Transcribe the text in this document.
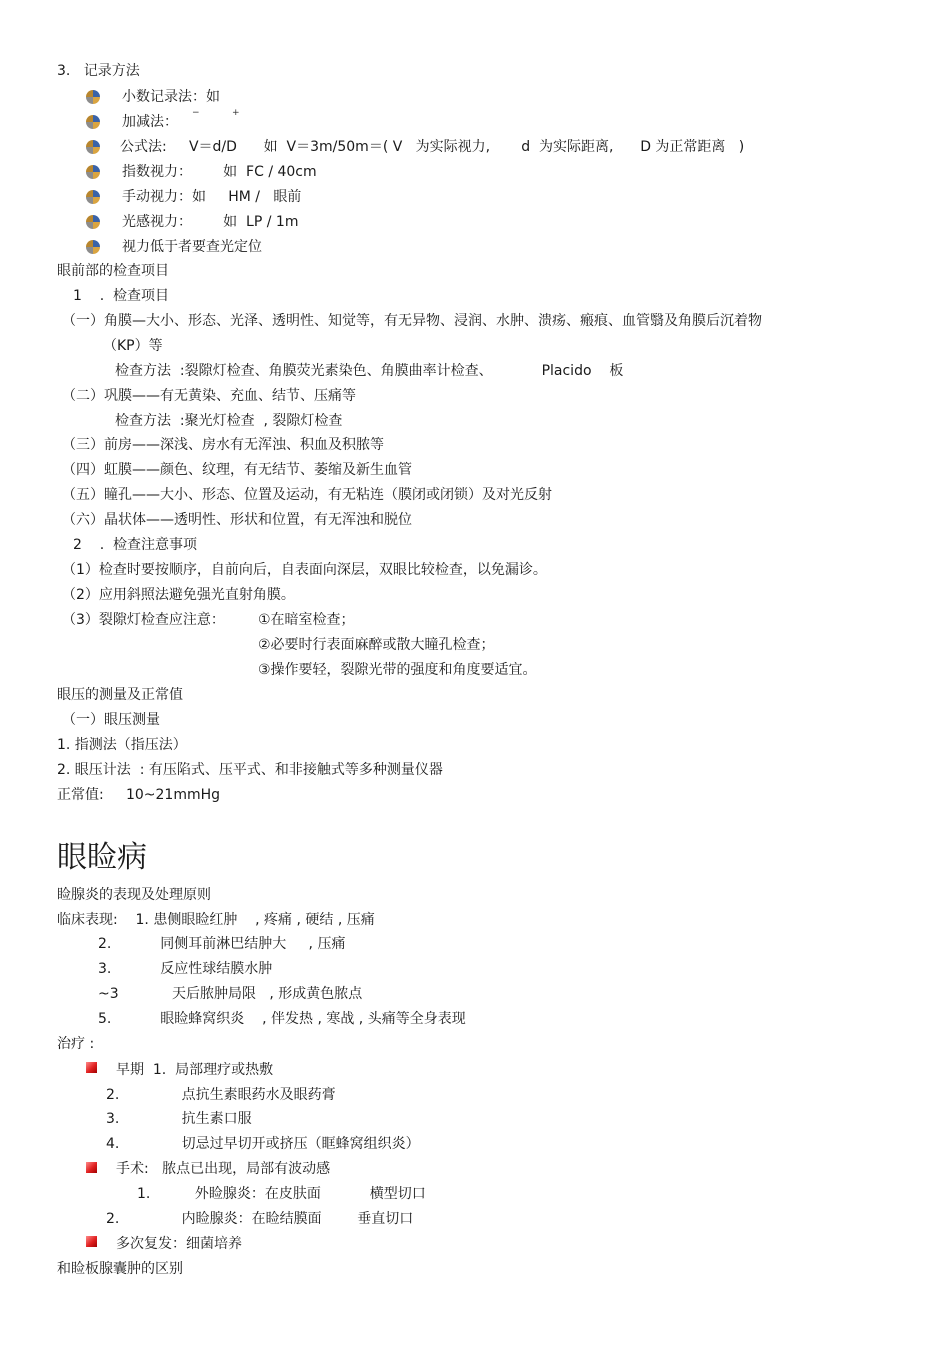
3.   记录方法
小数记录法：如
加减法：
−	+
公式法:     V＝d/D      如  V＝3m/50m＝( V   为实际视力,       d  为实际距离,      D 为正常距离   )
指数视力：       如  FC / 40cm
手动视力：如     HM /   眼前
光感视力：       如  LP / 1m
视力低于者要查光定位
眼前部的检查项目
1    .  检查项目
（一）角膜—大小、形态、光泽、透明性、知觉等，有无异物、浸润、水肿、溃疡、瘢痕、血管翳及角膜后沉着物
（KP）等
检查方法  :裂隙灯检查、角膜荧光素染色、角膜曲率计检查、           Placido    板
（二）巩膜——有无黄染、充血、结节、压痛等
检查方法  :聚光灯检查  , 裂隙灯检查
（三）前房——深浅、房水有无浑浊、积血及积脓等
（四）虹膜——颜色、纹理，有无结节、萎缩及新生血管
（五）瞳孔——大小、形态、位置及运动，有无粘连（膜闭或闭锁）及对光反射
（六）晶状体——透明性、形状和位置，有无浑浊和脱位
2    .  检查注意事项
（1）检查时要按顺序，自前向后，自表面向深层，双眼比较检查，以免漏诊。
（2）应用斜照法避免强光直射角膜。
（3）裂隙灯检查应注意： ①在暗室检查；
②必要时行表面麻醉或散大瞳孔检查；
③操作要轻，裂隙光带的强度和角度要适宜。
眼压的测量及正常值
（一）眼压测量
1. 指测法（指压法）
2. 眼压计法  : 有压陷式、压平式、和非接触式等多种测量仪器
正常值:     10~21mmHg
眼睑病
睑腺炎的表现及处理原则
临床表现:    1. 患侧眼睑红肿    , 疼痛 , 硬结 , 压痛
2.           同侧耳前淋巴结肿大     , 压痛
3.           反应性球结膜水肿
~3            天后脓肿局限   , 形成黄色脓点
5.           眼睑蜂窝织炎    , 伴发热 , 寒战 , 头痛等全身表现
治疗 :
早期  1.  局部理疗或热敷
2.              点抗生素眼药水及眼药膏
3.              抗生素口服
4.              切忌过早切开或挤压（眶蜂窝组织炎）
手术:   脓点已出现，局部有波动感
1.          外睑腺炎：在皮肤面           横型切口
2.              内睑腺炎：在睑结膜面        垂直切口
多次复发：细菌培养
和睑板腺囊肿的区别
